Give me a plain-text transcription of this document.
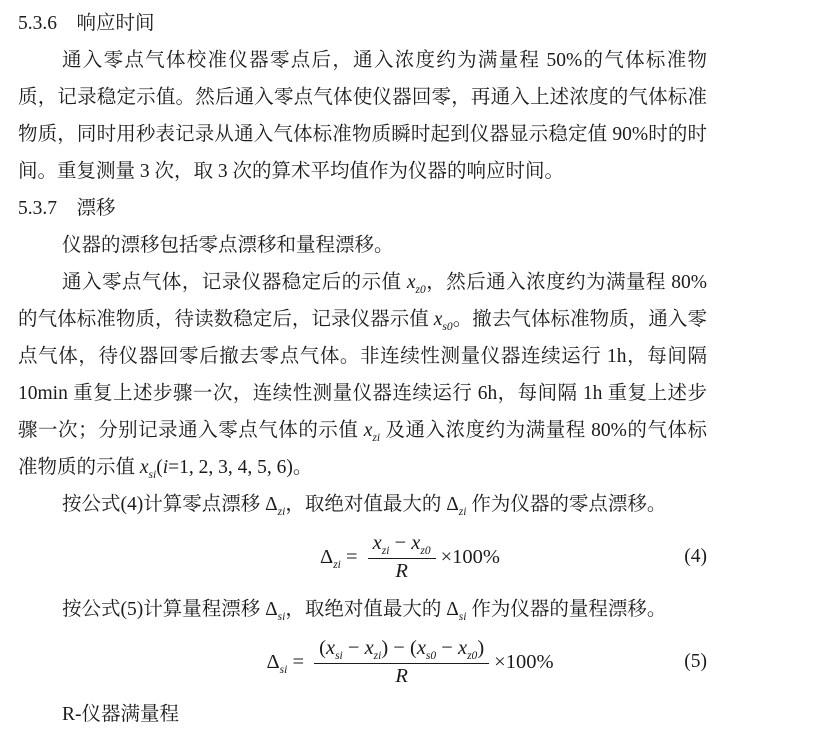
5.3.6　响应时间

通入零点气体校准仪器零点后，通入浓度约为满量程 50%的气体标准物质，记录稳定示值。然后通入零点气体使仪器回零，再通入上述浓度的气体标准物质，同时用秒表记录从通入气体标准物质瞬时起到仪器显示稳定值 90%时的时间。重复测量 3 次，取 3 次的算术平均值作为仪器的响应时间。

5.3.7　漂移

仪器的漂移包括零点漂移和量程漂移。

通入零点气体，记录仪器稳定后的示值 $x_{z0}$，然后通入浓度约为满量程 80%的气体标准物质，待读数稳定后，记录仪器示值 $x_{s0}$。撤去气体标准物质，通入零点气体，待仪器回零后撤去零点气体。非连续性测量仪器连续运行 1h，每间隔 10min 重复上述步骤一次，连续性测量仪器连续运行 6h，每间隔 1h 重复上述步骤一次；分别记录通入零点气体的示值 $x_{zi}$ 及通入浓度约为满量程 80%的气体标准物质的示值 $x_{si}(i=1$, 2, 3, 4, 5, 6)。

按公式(4)计算零点漂移 $\Delta_{zi}$，取绝对值最大的 $\Delta_{zi}$ 作为仪器的零点漂移。

$\Delta_{zi} = \frac{x_{zi} - x_{z0}}{R} \times 100\%$	(4)

按公式(5)计算量程漂移 $\Delta_{si}$，取绝对值最大的 $\Delta_{si}$ 作为仪器的量程漂移。

$\Delta_{si} = \frac{(x_{si} - x_{zi}) - (x_{s0} - x_{z0})}{R} \times 100\%$	(5)

R-仪器满量程
